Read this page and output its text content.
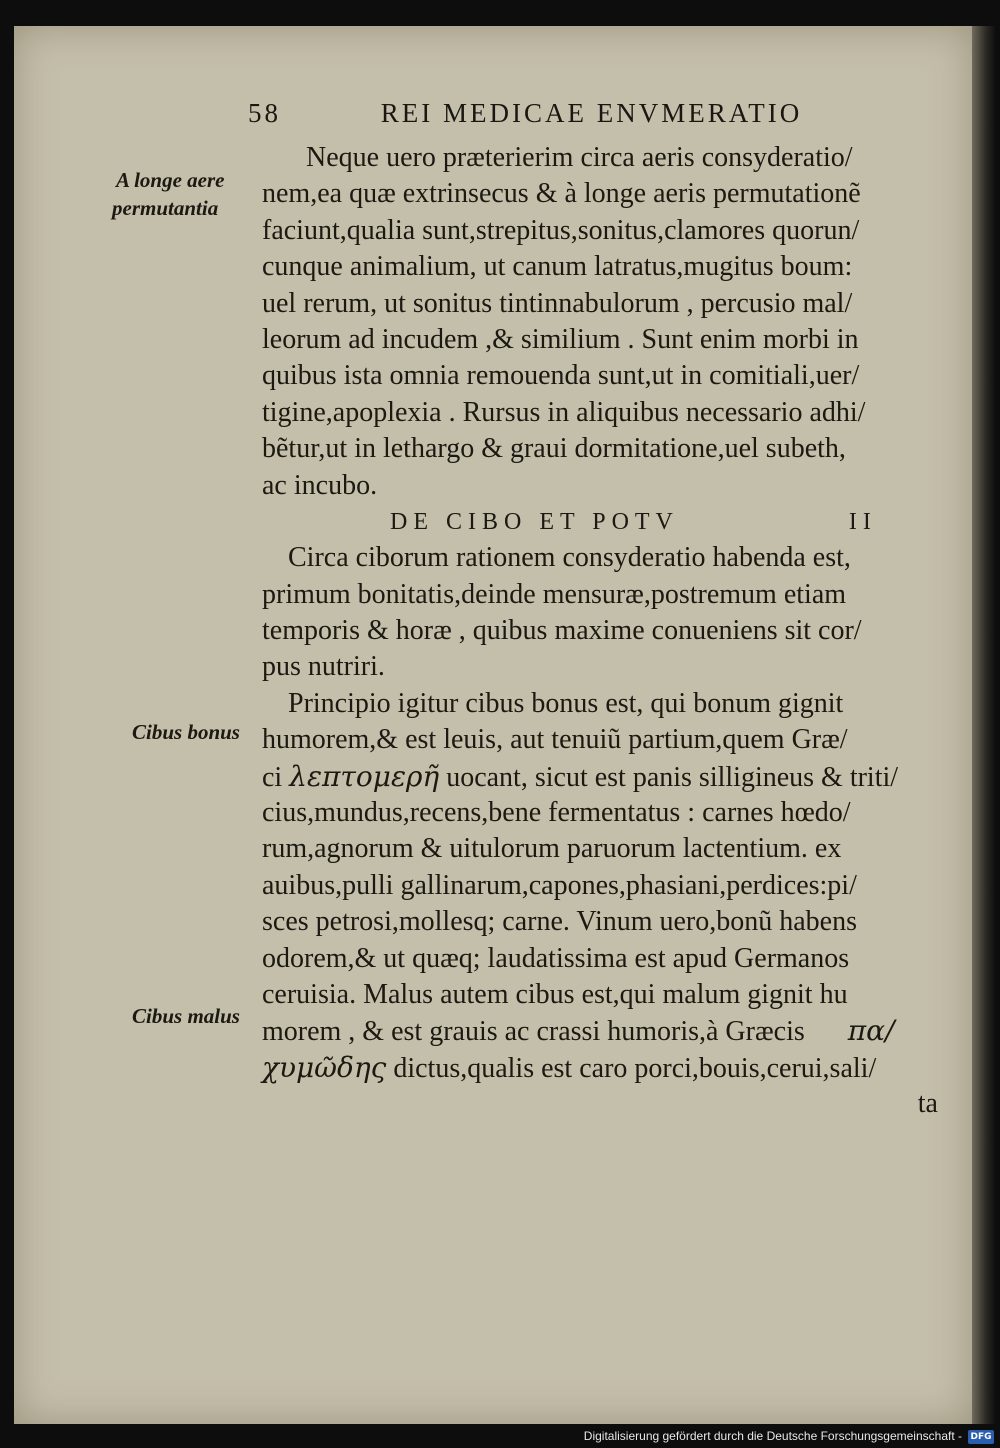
58	REI MEDICAE ENVMERATIO
A longe aere
permutantia
Cibus bonus
Cibus malus
Neque uero præterierim circa aeris consyderatio/
nem,ea quæ extrinsecus & à longe aeris permutationẽ
faciunt,qualia sunt,strepitus,sonitus,clamores quorun/
cunque animalium, ut canum latratus,mugitus boum:
uel rerum, ut sonitus tintinnabulorum , percusio mal/
leorum ad incudem ,& similium . Sunt enim morbi in
quibus ista omnia remouenda sunt,ut in comitiali,uer/
tigine,apoplexia . Rursus in aliquibus necessario adhi/
bẽtur,ut in lethargo & graui dormitatione,uel subeth,
ac incubo.
DE CIBO ET POTV	II
Circa ciborum rationem consyderatio habenda est,
primum bonitatis,deinde mensuræ,postremum etiam
temporis & horæ , quibus maxime conueniens sit cor/
pus nutriri.
Principio igitur cibus bonus est, qui bonum gignit
humorem,& est leuis, aut tenuiũ partium,quem Græ/
ci λεπτομερῆ uocant, sicut est panis silligineus & triti/
cius,mundus,recens,bene fermentatus : carnes hœdo/
rum,agnorum & uitulorum paruorum lactentium. ex
auibus,pulli gallinarum,capones,phasiani,perdices:pi/
sces petrosi,mollesq; carne. Vinum uero,bonũ habens
odorem,& ut quæq; laudatissima est apud Germanos
ceruisia. Malus autem cibus est,qui malum gignit hu
morem , & est grauis ac crassi humoris,à Græcis πα/
χυμῶδης dictus,qualis est caro porci,bouis,cerui,sali/
ta
Digitalisierung gefördert durch die Deutsche Forschungsgemeinschaft - DFG
